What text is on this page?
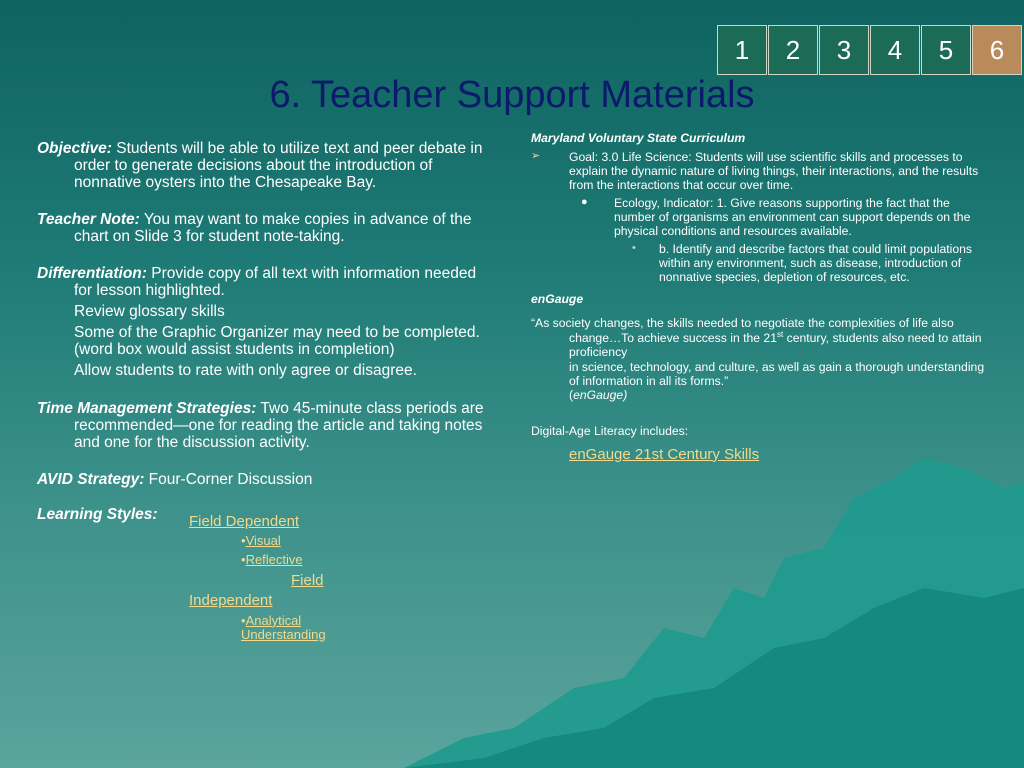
1	2	3	4	5	6
6. Teacher Support Materials

Objective: Students will be able to utilize text and peer debate in order to generate decisions about the introduction of nonnative oysters into the Chesapeake Bay.

Teacher Note: You may want to make copies in advance of the chart on Slide 3 for student note-taking.

Differentiation: Provide copy of all text with information needed for lesson highlighted.
Review glossary skills
Some of the Graphic Organizer may need to be completed. (word box would assist students in completion)
Allow students to rate with only agree or disagree.

Time Management Strategies: Two 45-minute class periods are recommended—one for reading the article and taking notes and one for the discussion activity.

AVID Strategy: Four-Corner Discussion

Learning Styles:	Field Dependent
•Visual
•Reflective
Field
Independent
•Analytical Understanding

Maryland Voluntary State Curriculum

➢ Goal: 3.0 Life Science: Students will use scientific skills and processes to explain the dynamic nature of living things, their interactions, and the results from the interactions that occur over time.
● Ecology, Indicator: 1. Give reasons supporting the fact that the number of organisms an environment can support depends on the physical conditions and resources available.
• b. Identify and describe factors that could limit populations within any environment, such as disease, introduction of nonnative species, depletion of resources, etc.

enGauge

“As society changes, the skills needed to negotiate the complexities of life also change…To achieve success in the 21st century, students also need to attain proficiency
in science, technology, and culture, as well as gain a thorough understanding of information in all its forms.”
(enGauge)

Digital-Age Literacy includes:

enGauge 21st Century Skills
